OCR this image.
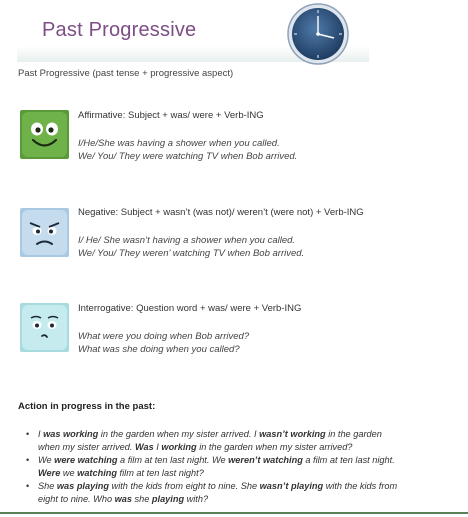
Past Progressive
Past Progressive (past tense + progressive aspect)
Affirmative: Subject + was/ were + Verb-ING
I/He/She was having a shower when you called.
We/ You/ They were watching TV when Bob arrived.
Negative: Subject + wasn’t (was not)/ weren’t (were not) + Verb-ING
I/ He/ She wasn’t having a shower when you called.
We/ You/ They weren’ watching TV when Bob arrived.
Interrogative: Question word + was/ were + Verb-ING
What were you doing when Bob arrived?
What was she doing when you called?
Action in progress in the past:
• I was working in the garden when my sister arrived. I wasn’t working in the garden when my sister arrived. Was I working in the garden when my sister arrived?
• We were watching a film at ten last night. We weren’t watching a film at ten last night. Were we watching film at ten last night?
• She was playing with the kids from eight to nine. She wasn’t playing with the kids from eight to nine. Who was she playing with?
